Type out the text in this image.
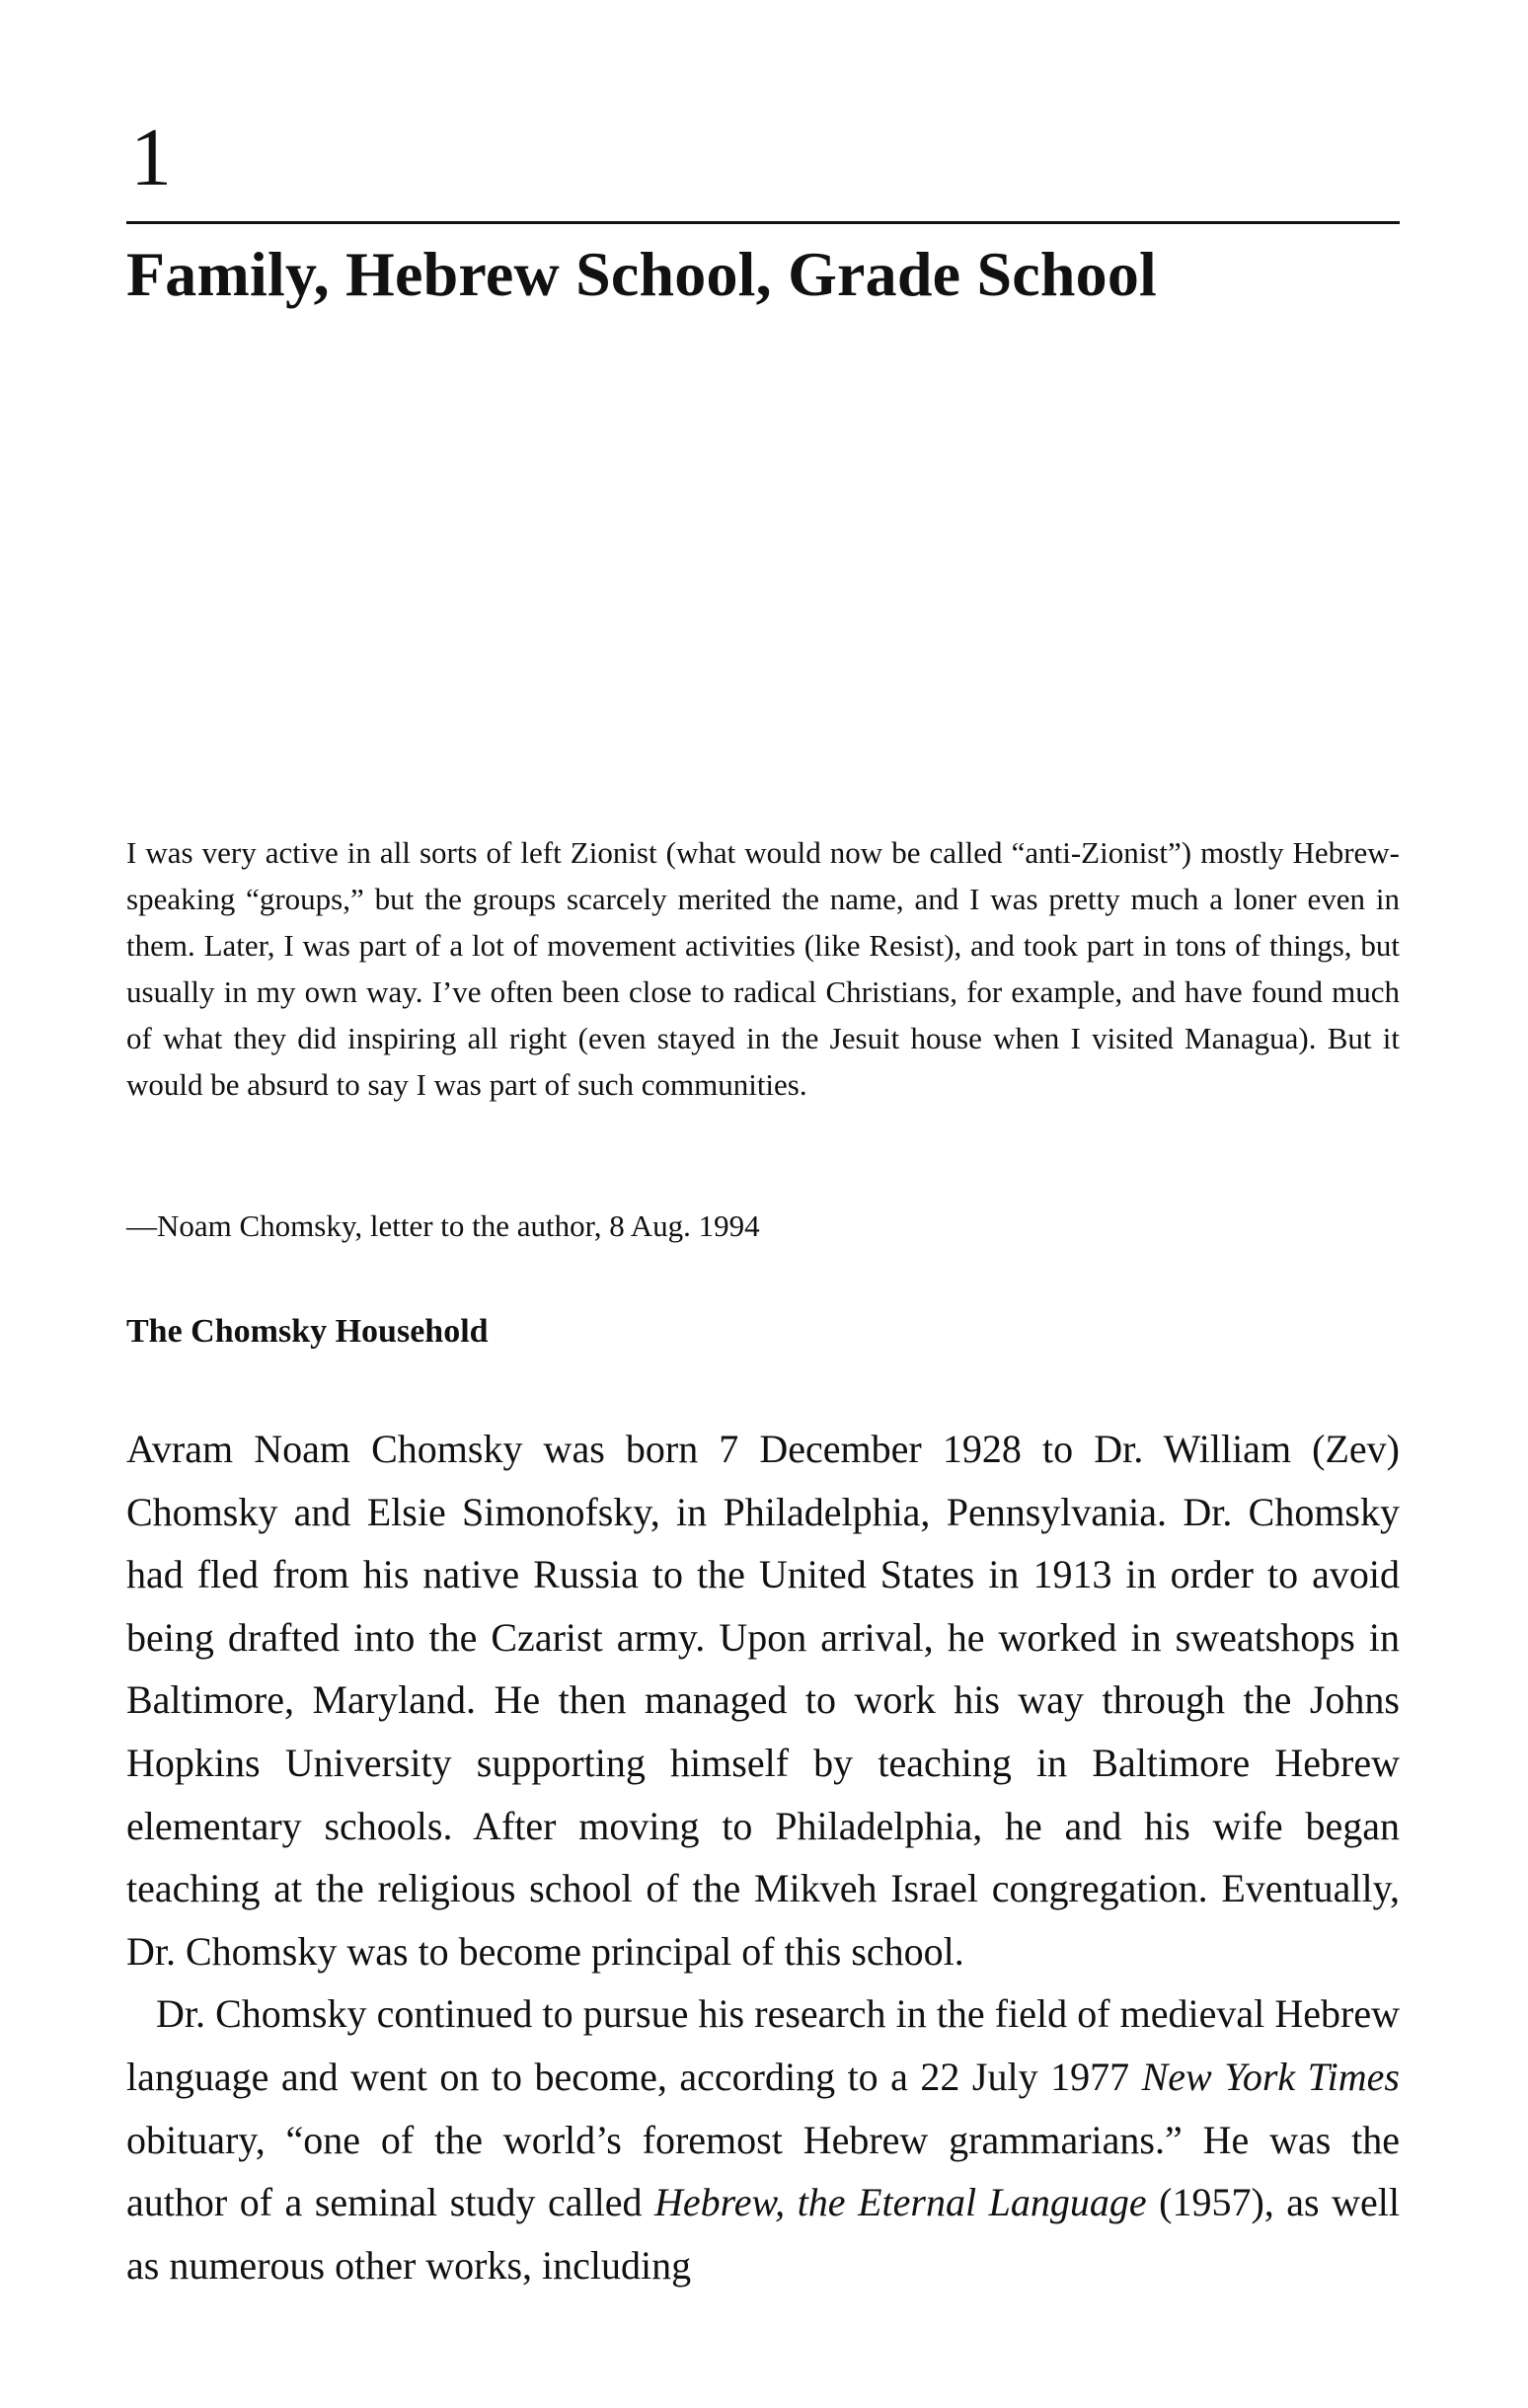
1
Family, Hebrew School, Grade School

I was very active in all sorts of left Zionist (what would now be called “anti-Zionist”) mostly Hebrew-speaking “groups,” but the groups scarcely merited the name, and I was pretty much a loner even in them. Later, I was part of a lot of movement activities (like Resist), and took part in tons of things, but usually in my own way. I’ve often been close to radical Christians, for example, and have found much of what they did inspiring all right (even stayed in the Jesuit house when I visited Managua). But it would be absurd to say I was part of such communities.

—Noam Chomsky, letter to the author, 8 Aug. 1994

The Chomsky Household

Avram Noam Chomsky was born 7 December 1928 to Dr. William (Zev) Chomsky and Elsie Simonofsky, in Philadelphia, Pennsylvania. Dr. Chomsky had fled from his native Russia to the United States in 1913 in order to avoid being drafted into the Czarist army. Upon arrival, he worked in sweatshops in Baltimore, Maryland. He then managed to work his way through the Johns Hopkins University supporting himself by teaching in Baltimore Hebrew elementary schools. After moving to Philadelphia, he and his wife began teaching at the religious school of the Mikveh Israel congregation. Eventually, Dr. Chomsky was to become principal of this school.

Dr. Chomsky continued to pursue his research in the field of medieval Hebrew language and went on to become, according to a 22 July 1977 New York Times obituary, “one of the world’s foremost Hebrew grammarians.” He was the author of a seminal study called Hebrew, the Eternal Language (1957), as well as numerous other works, including
